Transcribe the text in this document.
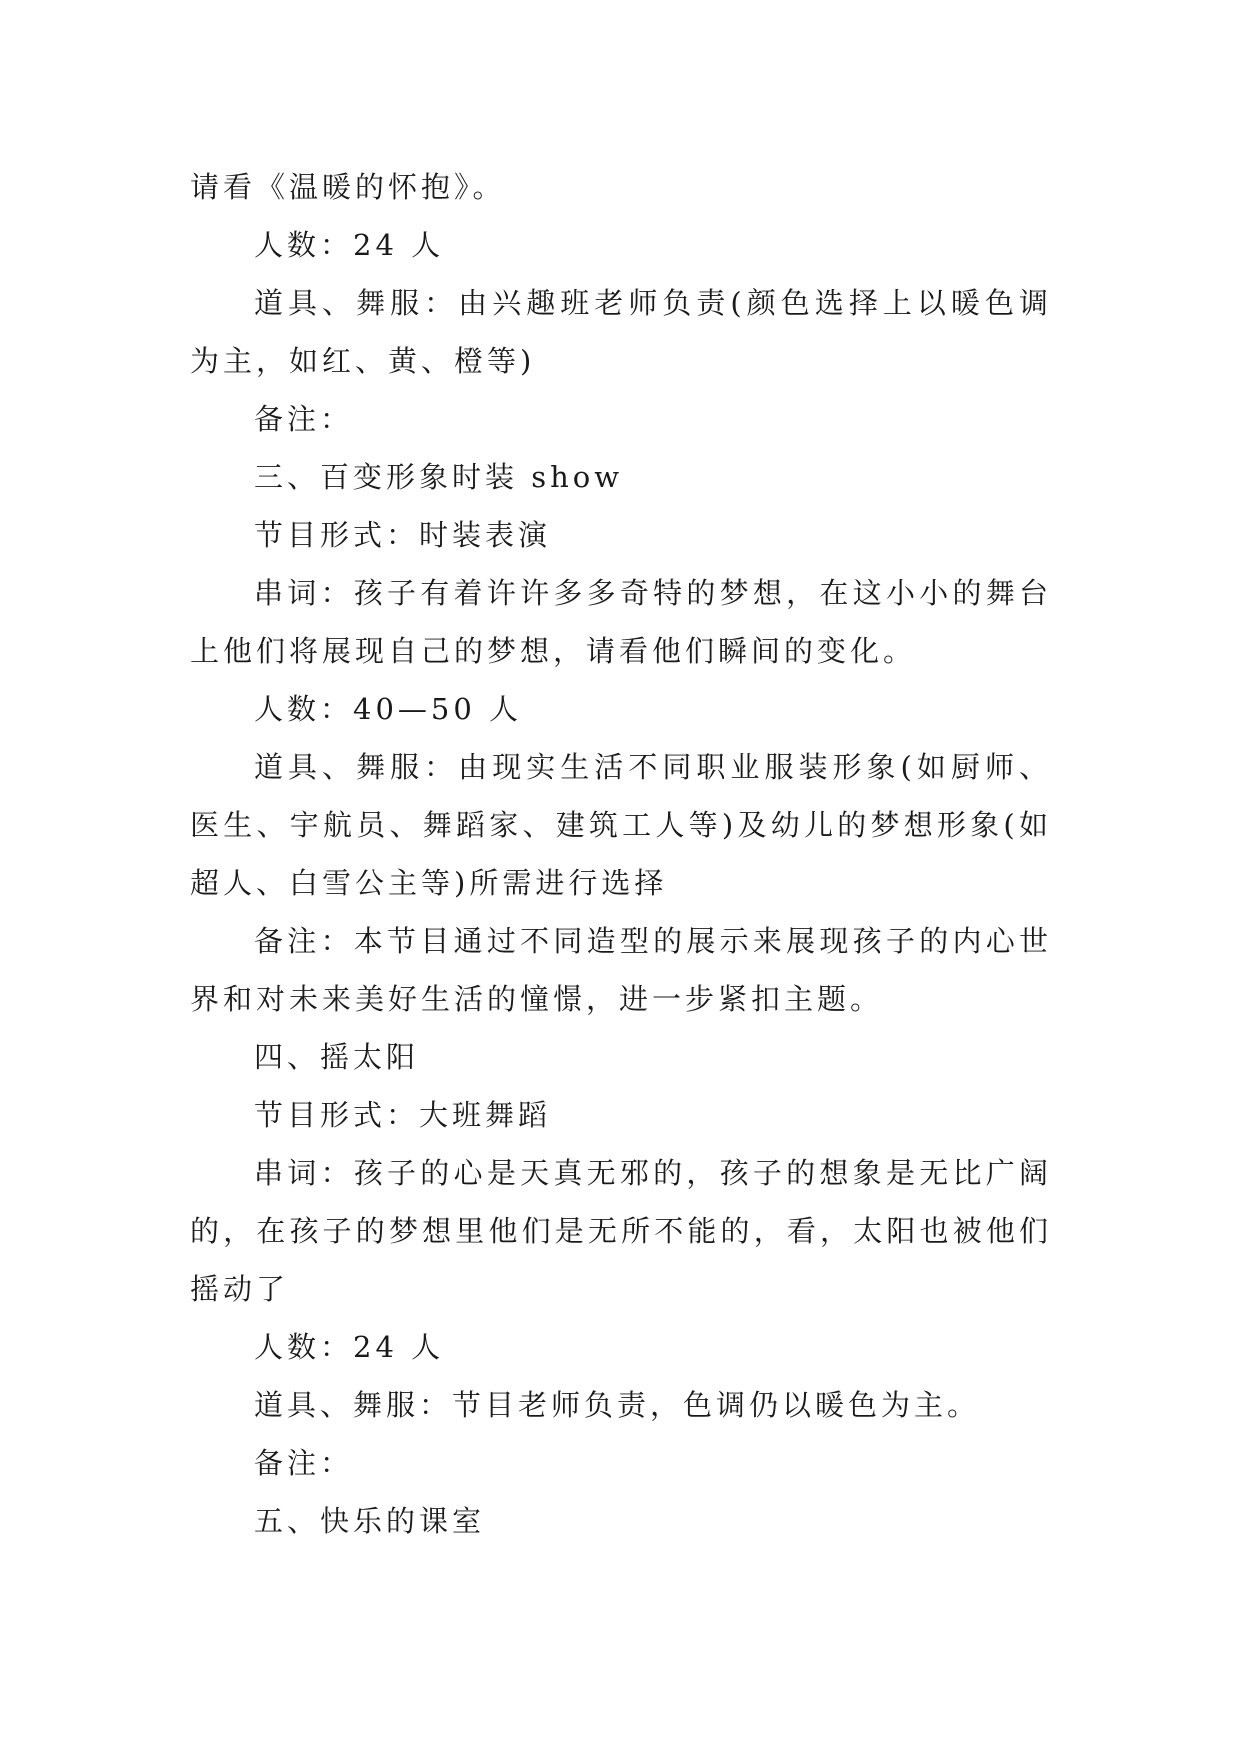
请看《温暖的怀抱》。

人数：24 人

道具、舞服：由兴趣班老师负责(颜色选择上以暖色调为主，如红、黄、橙等)

备注：

三、百变形象时装 show

节目形式：时装表演

串词：孩子有着许许多多奇特的梦想，在这小小的舞台上他们将展现自己的梦想，请看他们瞬间的变化。

人数：40—50 人

道具、舞服：由现实生活不同职业服装形象(如厨师、医生、宇航员、舞蹈家、建筑工人等)及幼儿的梦想形象(如超人、白雪公主等)所需进行选择

备注：本节目通过不同造型的展示来展现孩子的内心世界和对未来美好生活的憧憬，进一步紧扣主题。

四、摇太阳

节目形式：大班舞蹈

串词：孩子的心是天真无邪的，孩子的想象是无比广阔的，在孩子的梦想里他们是无所不能的，看，太阳也被他们摇动了

人数：24 人

道具、舞服：节目老师负责，色调仍以暖色为主。

备注：

五、快乐的课室
